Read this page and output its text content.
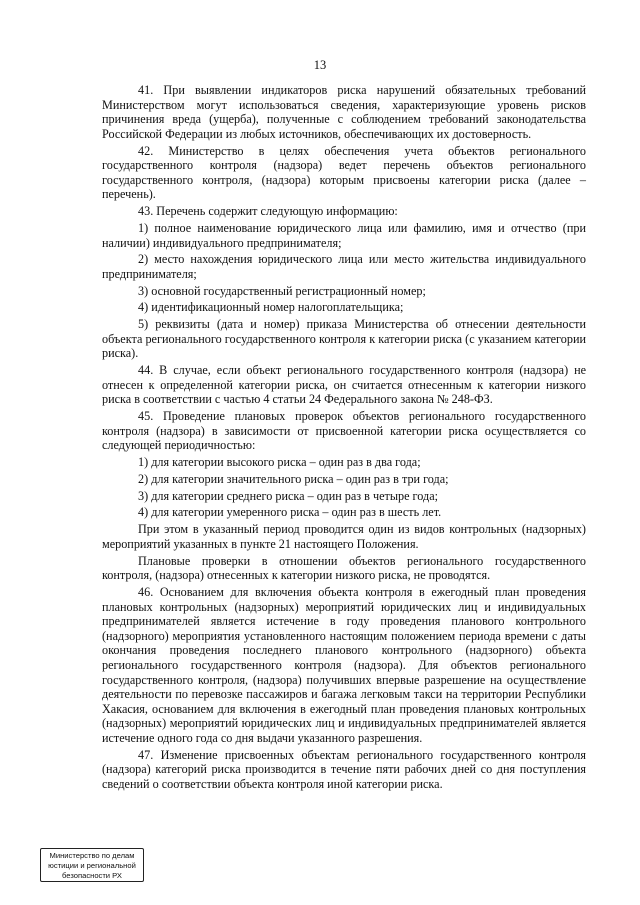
13

41. При выявлении индикаторов риска нарушений обязательных требований Министерством могут использоваться сведения, характеризующие уровень рисков причинения вреда (ущерба), полученные с соблюдением требований законодательства Российской Федерации из любых источников, обеспечивающих их достоверность.

42. Министерство в целях обеспечения учета объектов регионального государственного контроля (надзора) ведет перечень объектов регионального государственного контроля, (надзора) которым присвоены категории риска (далее – перечень).

43. Перечень содержит следующую информацию:

1) полное наименование юридического лица или фамилию, имя и отчество (при наличии) индивидуального предпринимателя;

2) место нахождения юридического лица или место жительства индивидуального предпринимателя;

3) основной государственный регистрационный номер;

4) идентификационный номер налогоплательщика;

5) реквизиты (дата и номер) приказа Министерства об отнесении деятельности объекта регионального государственного контроля к категории риска (с указанием категории риска).

44. В случае, если объект регионального государственного контроля (надзора) не отнесен к определенной категории риска, он считается отнесенным к категории низкого риска в соответствии с частью 4 статьи 24 Федерального закона № 248-ФЗ.

45. Проведение плановых проверок объектов регионального государственного контроля (надзора) в зависимости от присвоенной категории риска осуществляется со следующей периодичностью:

1) для категории высокого риска – один раз в два года;

2) для категории значительного риска – один раз в три года;

3) для категории среднего риска – один раз в четыре года;

4) для категории умеренного риска – один раз в шесть лет.

При этом в указанный период проводится один из видов контрольных (надзорных) мероприятий указанных в пункте 21 настоящего Положения.

Плановые проверки в отношении объектов регионального государственного контроля, (надзора) отнесенных к категории низкого риска, не проводятся.

46. Основанием для включения объекта контроля в ежегодный план проведения плановых контрольных (надзорных) мероприятий юридических лиц и индивидуальных предпринимателей является истечение в году проведения планового контрольного (надзорного) мероприятия установленного настоящим положением периода времени с даты окончания проведения последнего планового контрольного (надзорного) объекта регионального государственного контроля (надзора). Для объектов регионального государственного контроля, (надзора) получивших впервые разрешение на осуществление деятельности по перевозке пассажиров и багажа легковым такси на территории Республики Хакасия, основанием для включения в ежегодный план проведения плановых контрольных (надзорных) мероприятий юридических лиц и индивидуальных предпринимателей является истечение одного года со дня выдачи указанного разрешения.

47. Изменение присвоенных объектам регионального государственного контроля (надзора) категорий риска производится в течение пяти рабочих дней со дня поступления сведений о соответствии объекта контроля иной категории риска.

Министерство по делам
юстиции и региональной
безопасности РХ
